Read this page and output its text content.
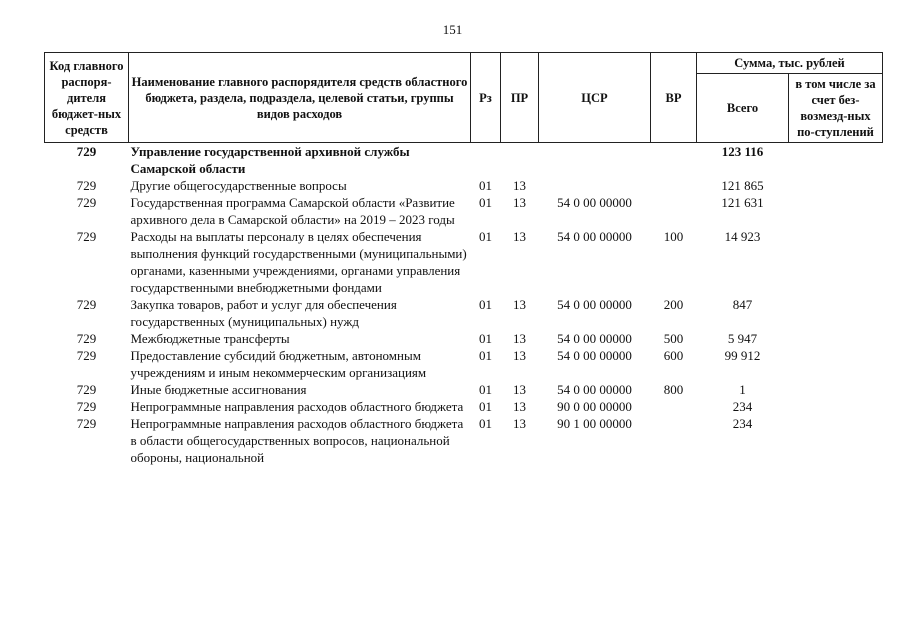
151
Код главного распоря-дителя бюджет-ных средств	Наименование главного распорядителя средств областного бюджета, раздела, подраздела, целевой статьи, группы видов расходов	Рз	ПР	ЦСР	ВР	Сумма, тыс. рублей	
						Всего	в том числе за счет без-возмезд-ных по-ступлений
729	Управление государственной архивной службы Самарской области					123 116	
729	Другие общегосударственные вопросы	01	13			121 865	
729	Государственная программа Самарской области «Развитие архивного дела в Самарской области» на 2019 – 2023 годы	01	13	54 0 00 00000		121 631	
729	Расходы на выплаты персоналу в целях обеспечения выполнения функций государственными (муниципальными) органами, казенными учреждениями, органами управления государственными внебюджетными фондами	01	13	54 0 00 00000	100	14 923	
729	Закупка товаров, работ и услуг для обеспечения государственных (муниципальных) нужд	01	13	54 0 00 00000	200	847	
729	Межбюджетные трансферты	01	13	54 0 00 00000	500	5 947	
729	Предоставление субсидий бюджетным, автономным учреждениям и иным некоммерческим организациям	01	13	54 0 00 00000	600	99 912	
729	Иные бюджетные ассигнования	01	13	54 0 00 00000	800	1	
729	Непрограммные направления расходов областного бюджета	01	13	90 0 00 00000		234	
729	Непрограммные направления расходов областного бюджета в области общегосударственных вопросов, национальной обороны, национальной	01	13	90 1 00 00000		234	
